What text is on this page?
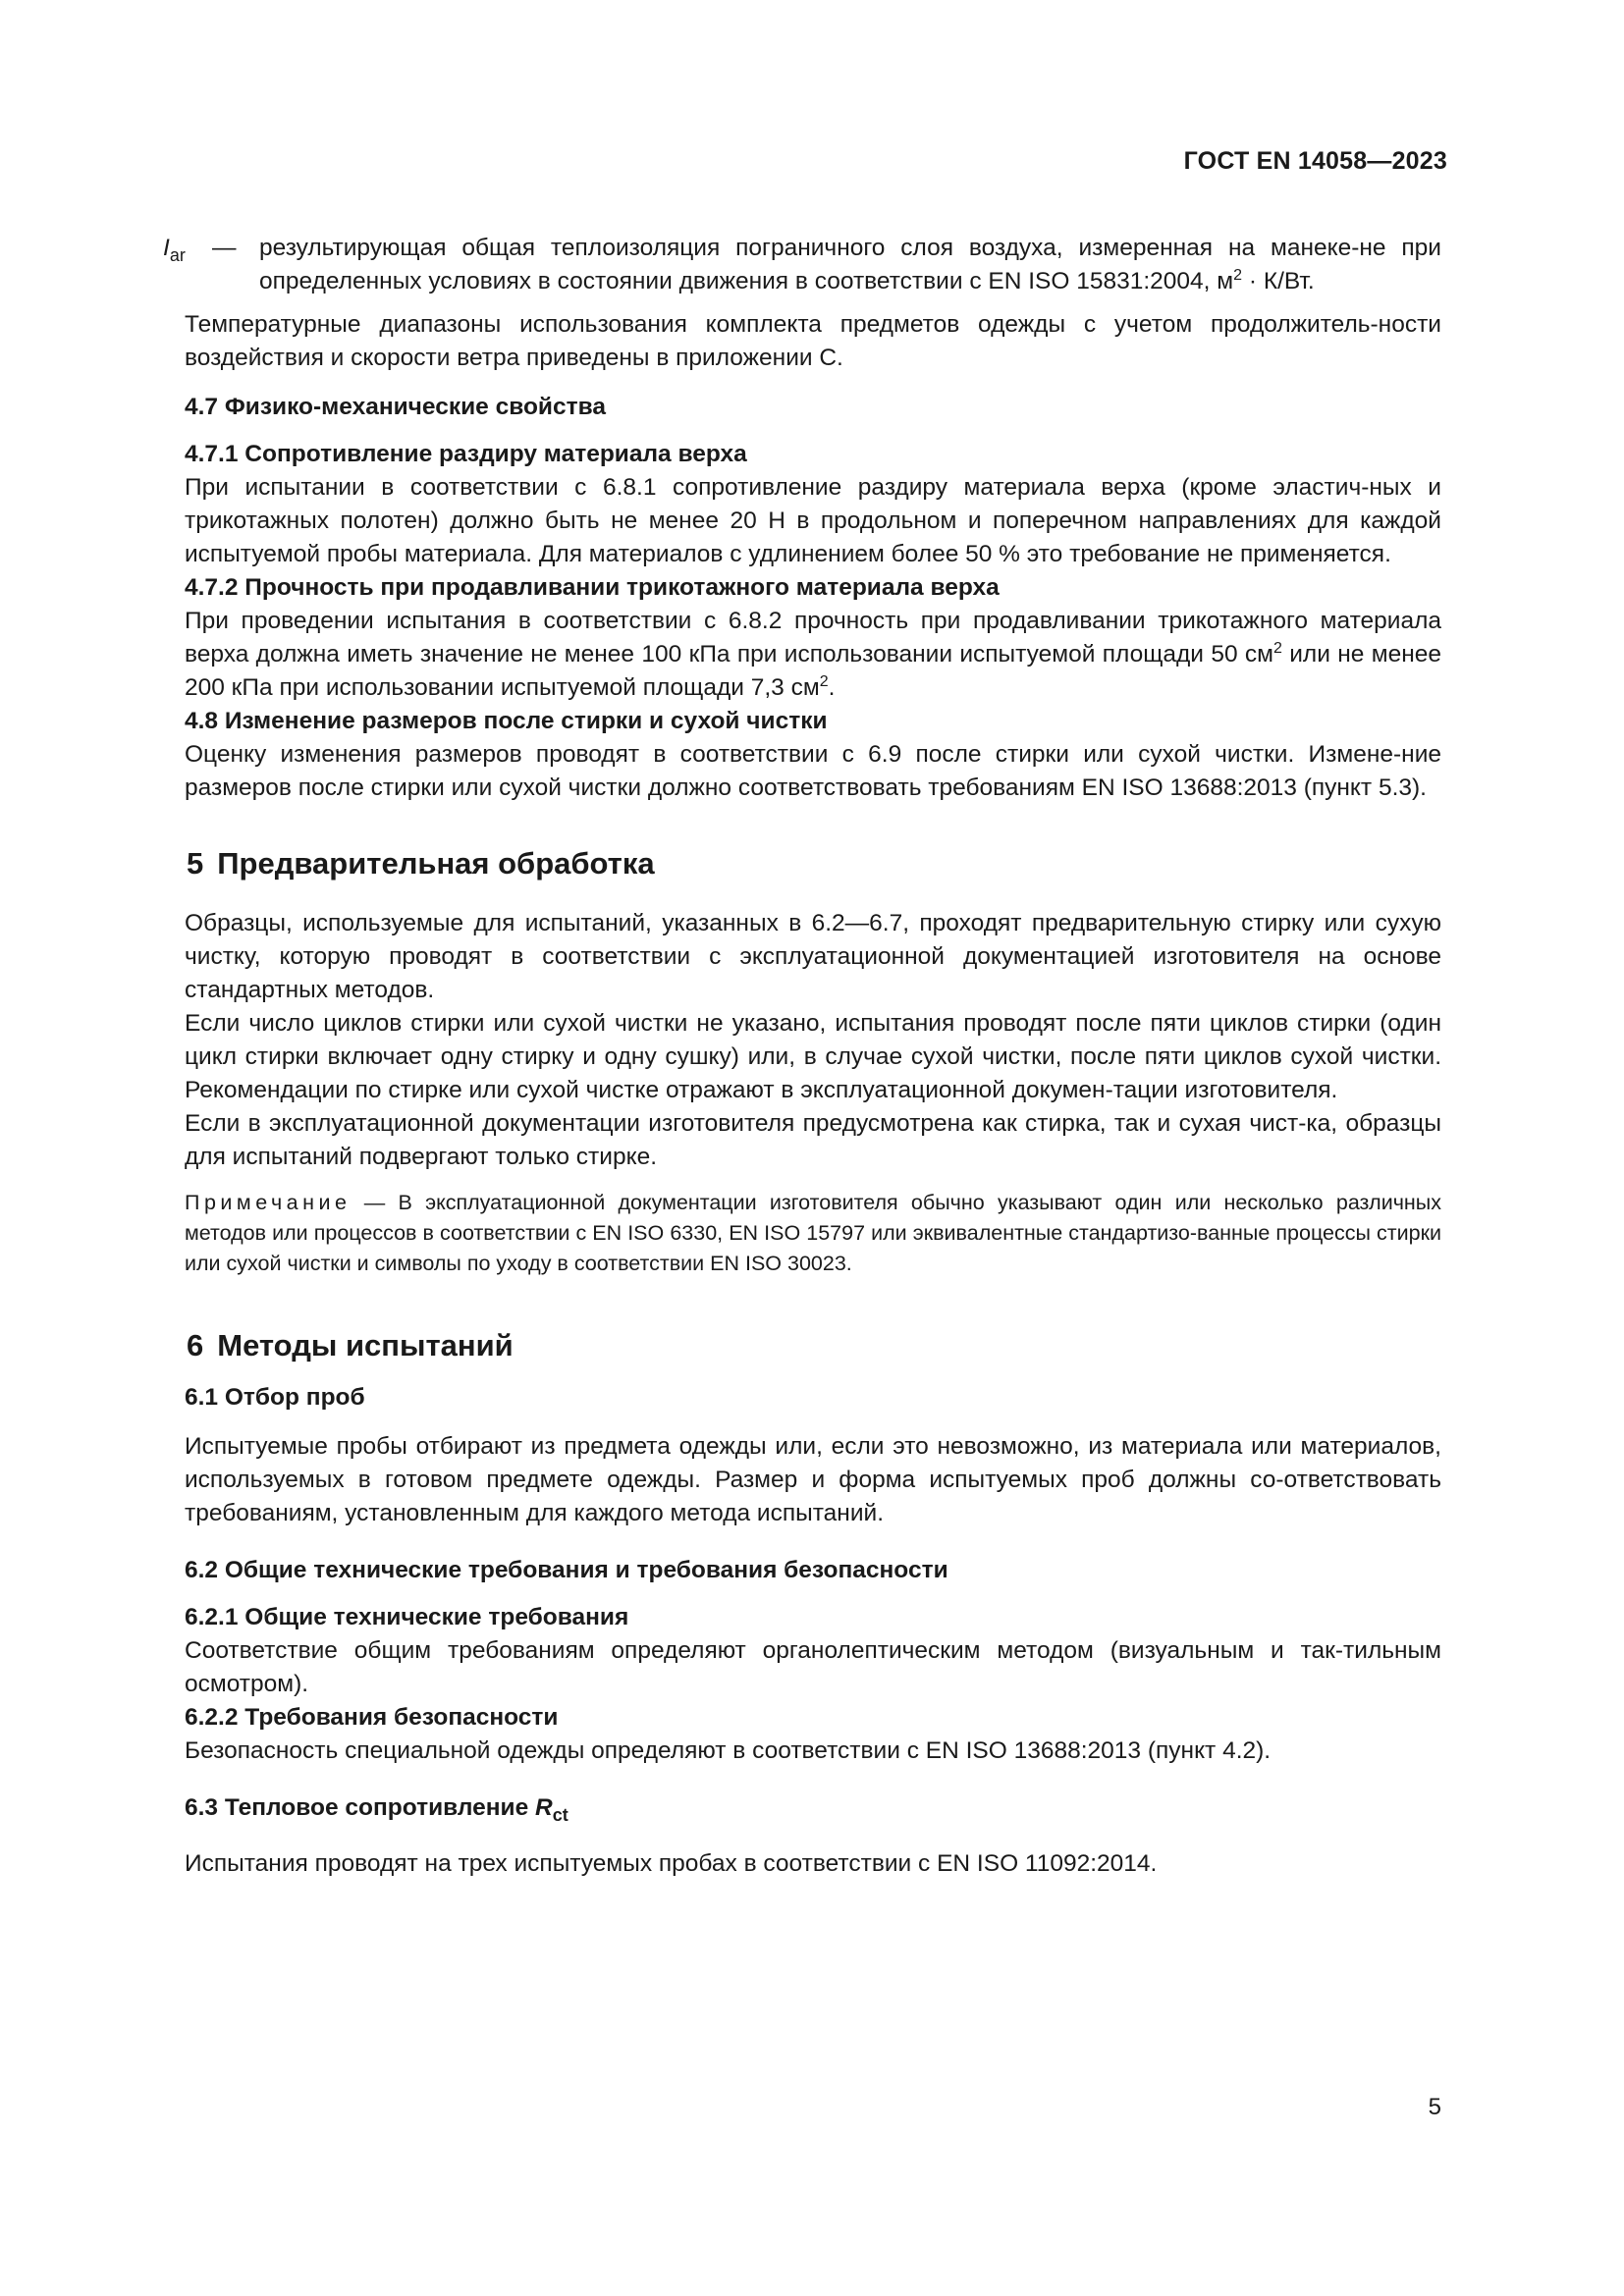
ГОСТ EN 14058—2023
$I_{ar}$ — результирующая общая теплоизоляция пограничного слоя воздуха, измеренная на манеке-не при определенных условиях в состоянии движения в соответствии с EN ISO 15831:2004, $м^2 \cdot К/Вт$.

Температурные диапазоны использования комплекта предметов одежды с учетом продолжитель-ности воздействия и скорости ветра приведены в приложении С.

4.7 Физико-механические свойства

4.7.1 Сопротивление раздиру материала верха

При испытании в соответствии с 6.8.1 сопротивление раздиру материала верха (кроме эластич-ных и трикотажных полотен) должно быть не менее 20 Н в продольном и поперечном направлениях для каждой испытуемой пробы материала. Для материалов с удлинением более 50 % это требование не применяется.

4.7.2 Прочность при продавливании трикотажного материала верха

При проведении испытания в соответствии с 6.8.2 прочность при продавливании трикотажного материала верха должна иметь значение не менее 100 кПа при использовании испытуемой площади 50 $см^2$ или не менее 200 кПа при использовании испытуемой площади 7,3 $см^2$.

4.8 Изменение размеров после стирки и сухой чистки

Оценку изменения размеров проводят в соответствии с 6.9 после стирки или сухой чистки. Измене-ние размеров после стирки или сухой чистки должно соответствовать требованиям EN ISO 13688:2013 (пункт 5.3).

5 Предварительная обработка

Образцы, используемые для испытаний, указанных в 6.2—6.7, проходят предварительную стирку или сухую чистку, которую проводят в соответствии с эксплуатационной документацией изготовителя на основе стандартных методов.

Если число циклов стирки или сухой чистки не указано, испытания проводят после пяти циклов стирки (один цикл стирки включает одну стирку и одну сушку) или, в случае сухой чистки, после пяти циклов сухой чистки. Рекомендации по стирке или сухой чистке отражают в эксплуатационной докумен-тации изготовителя.

Если в эксплуатационной документации изготовителя предусмотрена как стирка, так и сухая чист-ка, образцы для испытаний подвергают только стирке.

Примечание — В эксплуатационной документации изготовителя обычно указывают один или несколько различных методов или процессов в соответствии с EN ISO 6330, EN ISO 15797 или эквивалентные стандартизо-ванные процессы стирки или сухой чистки и символы по уходу в соответствии EN ISO 30023.

6 Методы испытаний

6.1 Отбор проб

Испытуемые пробы отбирают из предмета одежды или, если это невозможно, из материала или материалов, используемых в готовом предмете одежды. Размер и форма испытуемых проб должны со-ответствовать требованиям, установленным для каждого метода испытаний.

6.2 Общие технические требования и требования безопасности

6.2.1 Общие технические требования

Соответствие общим требованиям определяют органолептическим методом (визуальным и так-тильным осмотром).

6.2.2 Требования безопасности

Безопасность специальной одежды определяют в соответствии с EN ISO 13688:2013 (пункт 4.2).

6.3 Тепловое сопротивление $R_{ct}$

Испытания проводят на трех испытуемых пробах в соответствии с EN ISO 11092:2014.

5
